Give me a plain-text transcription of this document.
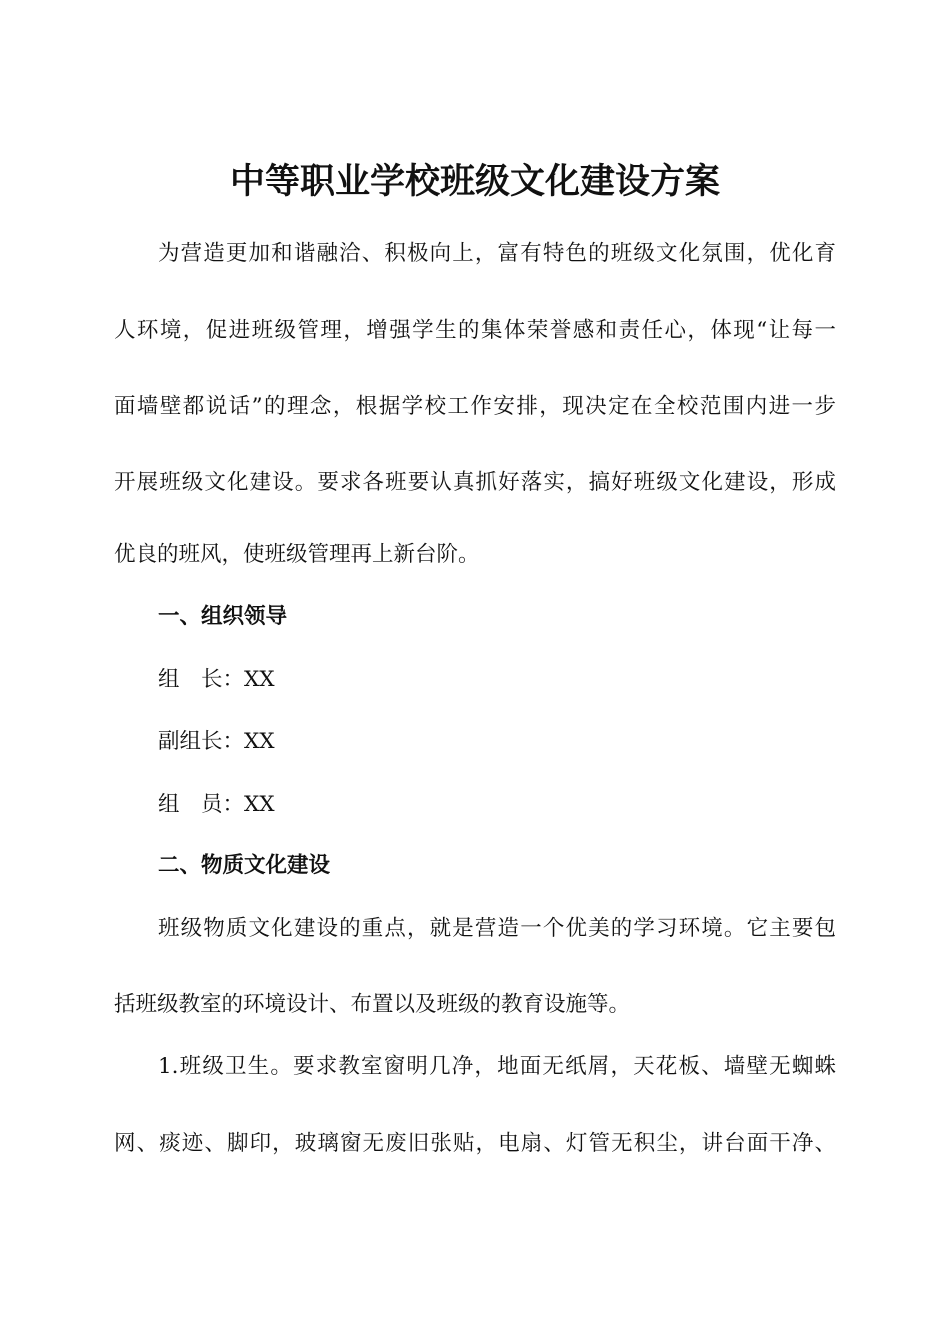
中等职业学校班级文化建设方案
为营造更加和谐融洽、积极向上，富有特色的班级文化氛围，优化育
人环境，促进班级管理，增强学生的集体荣誉感和责任心，体现“让每一
面墙壁都说话”的理念，根据学校工作安排，现决定在全校范围内进一步
开展班级文化建设。要求各班要认真抓好落实，搞好班级文化建设，形成
优良的班风，使班级管理再上新台阶。
一、组织领导
组　长：XX
副组长：XX
组　员：XX
二、物质文化建设
班级物质文化建设的重点，就是营造一个优美的学习环境。它主要包
括班级教室的环境设计、布置以及班级的教育设施等。
1.班级卫生。要求教室窗明几净，地面无纸屑，天花板、墙壁无蜘蛛
网、痰迹、脚印，玻璃窗无废旧张贴，电扇、灯管无积尘，讲台面干净、
